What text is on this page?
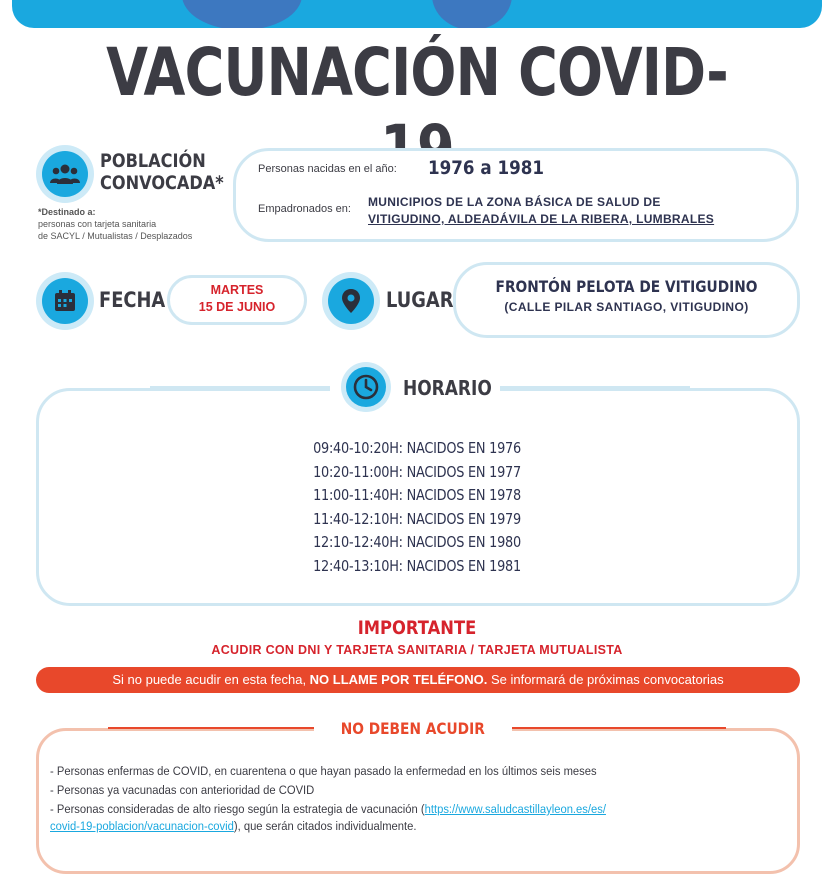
VACUNACIÓN COVID-
POBLACIÓN
CONVOCADA*
*Destinado a:
personas con tarjeta sanitaria
de SACYL / Mutualistas / Desplazados
Personas nacidas en el año: 1976 a 1981
Empadronados en: MUNICIPIOS DE LA ZONA BÁSICA DE SALUD DE
VITIGUDINO, ALDEADÁVILA DE LA RIBERA, LUMBRALES
FECHA	MARTES
15 DE JUNIO	LUGAR
FRONTÓN PELOTA DE VITIGUDINO
(CALLE PILAR SANTIAGO, VITIGUDINO)
HORARIO
09:40-10:20H: NACIDOS EN 1976
10:20-11:00H: NACIDOS EN 1977
11:00-11:40H: NACIDOS EN 1978
11:40-12:10H: NACIDOS EN 1979
12:10-12:40H: NACIDOS EN 1980
12:40-13:10H: NACIDOS EN 1981
IMPORTANTE
ACUDIR CON DNI Y TARJETA SANITARIA / TARJETA MUTUALISTA
Si no puede acudir en esta fecha, NO LLAME POR TELÉFONO. Se informará de próximas convocatorias
NO DEBEN ACUDIR
- Personas enfermas de COVID, en cuarentena o que hayan pasado la enfermedad en los últimos seis meses
- Personas ya vacunadas con anterioridad de COVID
- Personas consideradas de alto riesgo según la estrategia de vacunación (https://www.saludcastillayleon.es/es/
covid-19-poblacion/vacunacion-covid), que serán citados individualmente.
